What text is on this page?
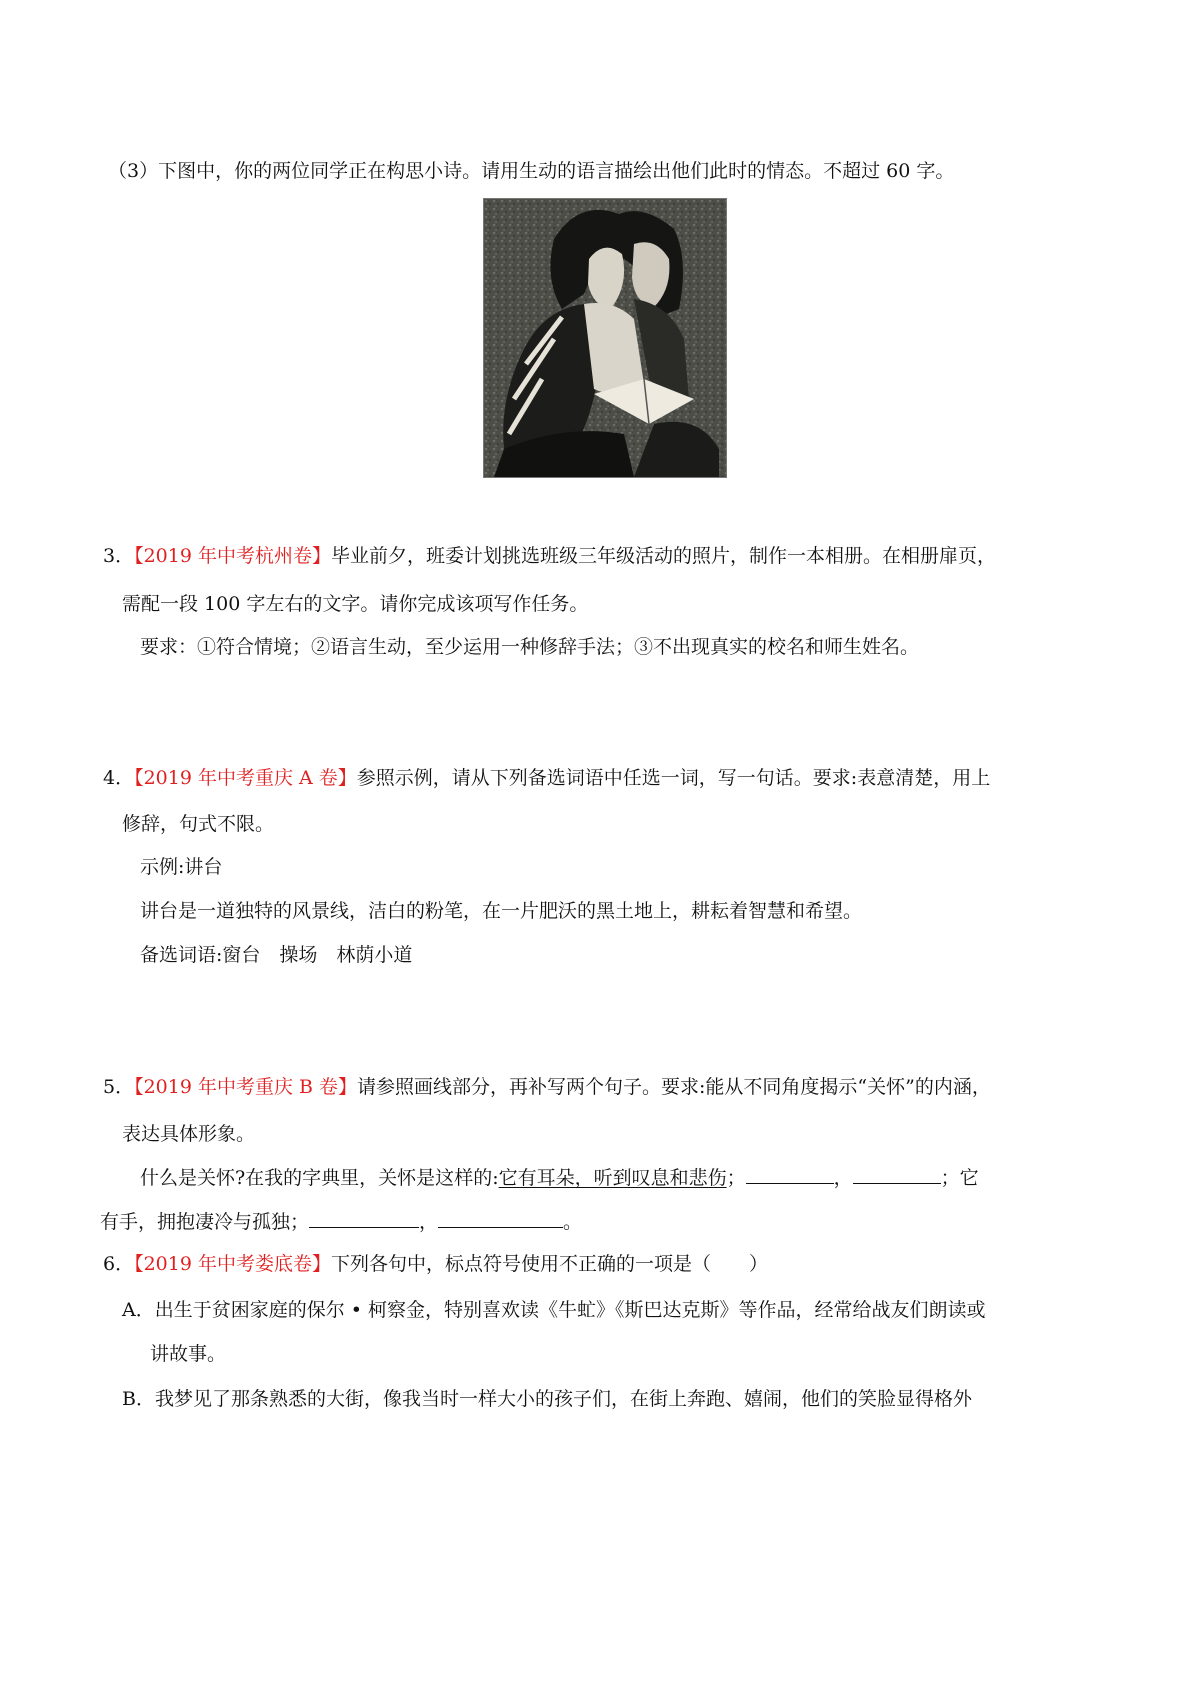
（3）下图中，你的两位同学正在构思小诗。请用生动的语言描绘出他们此时的情态。不超过 60 字。
3．【2019 年中考杭州卷】毕业前夕，班委计划挑选班级三年级活动的照片，制作一本相册。在相册扉页，
需配一段 100 字左右的文字。请你完成该项写作任务。
要求：①符合情境；②语言生动，至少运用一种修辞手法；③不出现真实的校名和师生姓名。
4．【2019 年中考重庆 A 卷】参照示例，请从下列备选词语中任选一词，写一句话。要求:表意清楚，用上
修辞，句式不限。
示例:讲台
讲台是一道独特的风景线，洁白的粉笔，在一片肥沃的黑土地上，耕耘着智慧和希望。
备选词语:窗台　操场　林荫小道
5．【2019 年中考重庆 B 卷】请参照画线部分，再补写两个句子。要求:能从不同角度揭示“关怀”的内涵，
表达具体形象。
什么是关怀?在我的字典里，关怀是这样的:它有耳朵，听到叹息和悲伤；	，	；它
有手，拥抱凄冷与孤独；	，	。
6．【2019 年中考娄底卷】下列各句中，标点符号使用不正确的一项是（　　）
A．出生于贫困家庭的保尔 • 柯察金，特别喜欢读《牛虻》《斯巴达克斯》等作品，经常给战友们朗读或
讲故事。
B．我梦见了那条熟悉的大街，像我当时一样大小的孩子们，在街上奔跑、嬉闹，他们的笑脸显得格外
